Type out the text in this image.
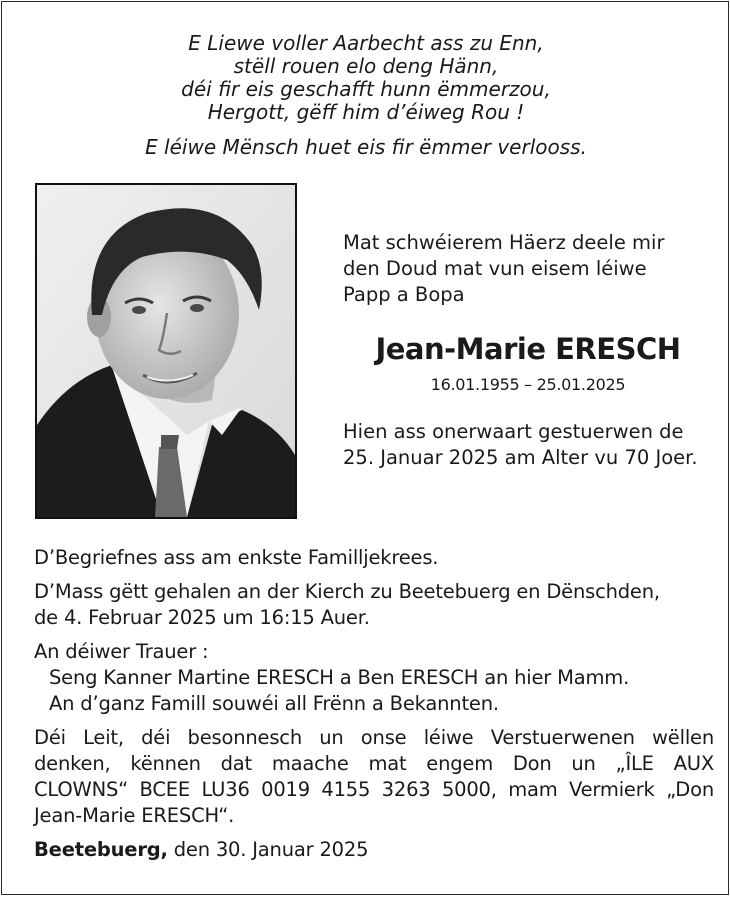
E Liewe voller Aarbecht ass zu Enn,
stëll rouen elo deng Hänn,
déi fir eis geschafft hunn ëmmerzou,
Hergott, gëff him d’éiweg Rou !
E léiwe Mënsch huet eis fir ëmmer verlooss.
Mat schwéierem Häerz deele mir
den Doud mat vun eisem léiwe
Papp a Bopa
Jean-Marie ERESCH
16.01.1955 – 25.01.2025
Hien ass onerwaart gestuerwen de
25. Januar 2025 am Alter vu 70 Joer.

D’Begriefnes ass am enkste Familljekrees.

D’Mass gëtt gehalen an der Kierch zu Beetebuerg en Dënschden,
de 4. Februar 2025 um 16:15 Auer.

An déiwer Trauer :
Seng Kanner Martine ERESCH a Ben ERESCH an hier Mamm.
An d’ganz Famill souwéi all Frënn a Bekannten.

Déi Leit, déi besonnesch un onse léiwe Verstuerwenen wëllen
denken, kënnen dat maache mat engem Don un „ÎLE AUX
CLOWNS“ BCEE LU36 0019 4155 3263 5000, mam Vermierk „Don
Jean-Marie ERESCH“.

Beetebuerg, den 30. Januar 2025
